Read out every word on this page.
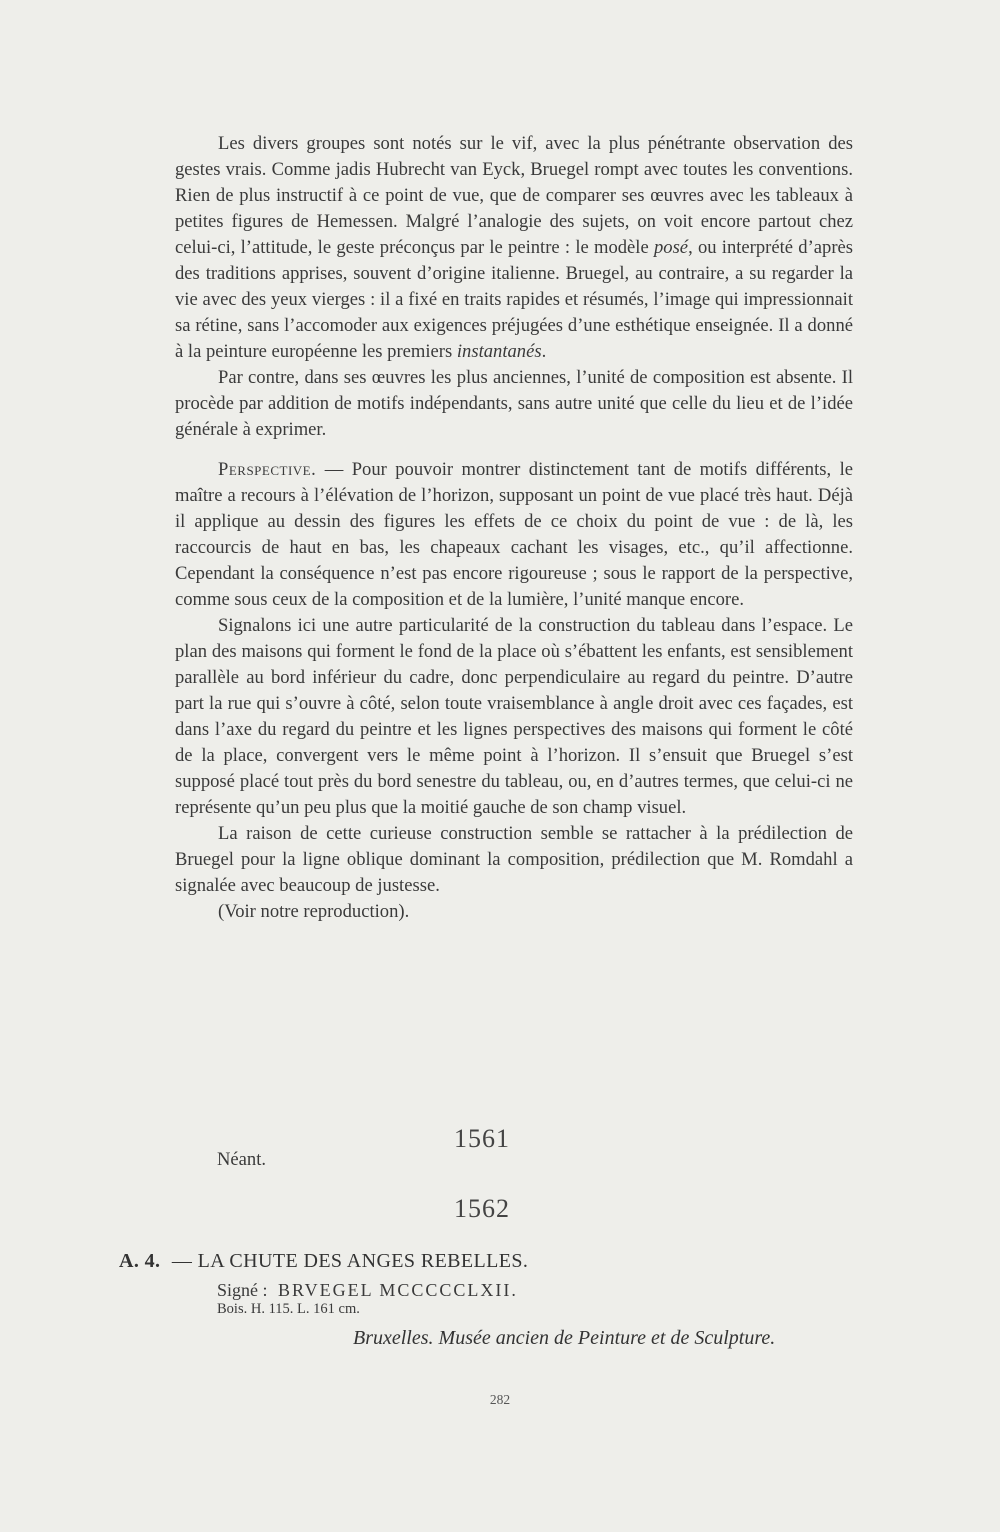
Les divers groupes sont notés sur le vif, avec la plus pénétrante observation des gestes vrais. Comme jadis Hubrecht van Eyck, Bruegel rompt avec toutes les conventions. Rien de plus instructif à ce point de vue, que de comparer ses œuvres avec les tableaux à petites figures de Hemessen. Malgré l’analogie des sujets, on voit encore partout chez celui-ci, l’attitude, le geste préconçus par le peintre : le modèle posé, ou interprété d’après des traditions apprises, souvent d’origine italienne. Bruegel, au contraire, a su regarder la vie avec des yeux vierges : il a fixé en traits rapides et résumés, l’image qui impressionnait sa rétine, sans l’accomoder aux exigences préjugées d’une esthétique enseignée. Il a donné à la peinture européenne les premiers instantanés.

Par contre, dans ses œuvres les plus anciennes, l’unité de composition est absente. Il procède par addition de motifs indépendants, sans autre unité que celle du lieu et de l’idée générale à exprimer.

Perspective. — Pour pouvoir montrer distinctement tant de motifs différents, le maître a recours à l’élévation de l’horizon, supposant un point de vue placé très haut. Déjà il applique au dessin des figures les effets de ce choix du point de vue : de là, les raccourcis de haut en bas, les chapeaux cachant les visages, etc., qu’il affectionne. Cependant la conséquence n’est pas encore rigoureuse ; sous le rapport de la perspective, comme sous ceux de la composition et de la lumière, l’unité manque encore.

Signalons ici une autre particularité de la construction du tableau dans l’espace. Le plan des maisons qui forment le fond de la place où s’ébattent les enfants, est sensiblement parallèle au bord inférieur du cadre, donc perpendiculaire au regard du peintre. D’autre part la rue qui s’ouvre à côté, selon toute vraisemblance à angle droit avec ces façades, est dans l’axe du regard du peintre et les lignes perspectives des maisons qui forment le côté de la place, convergent vers le même point à l’horizon. Il s’ensuit que Bruegel s’est supposé placé tout près du bord senestre du tableau, ou, en d’autres termes, que celui-ci ne représente qu’un peu plus que la moitié gauche de son champ visuel.

La raison de cette curieuse construction semble se rattacher à la prédilection de Bruegel pour la ligne oblique dominant la composition, prédilection que M. Romdahl a signalée avec beaucoup de justesse.

(Voir notre reproduction).

1561
Néant.
1562
A. 4. — LA CHUTE DES ANGES REBELLES.
Signé : BRVEGEL MCCCCCLXII.
Bois. H. 115. L. 161 cm.
Bruxelles. Musée ancien de Peinture et de Sculpture.
282
